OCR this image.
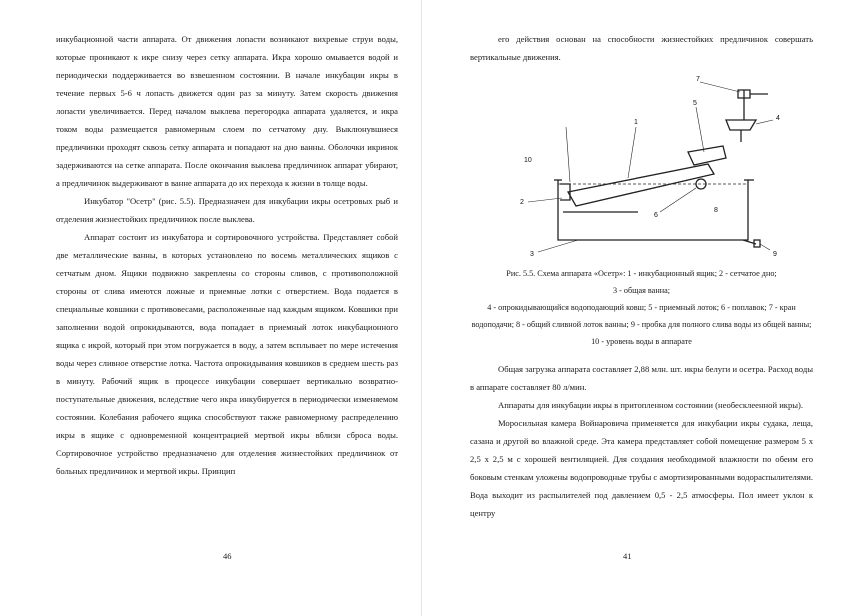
инкубационной части аппарата. От движения лопасти возникают вихревые струи воды, которые проникают к икре снизу через сетку аппарата. Икра хорошо омывается водой и периодически поддерживается во взвешенном состоянии. В начале инкубации икры в течение первых 5-6 ч лопасть движется один раз за минуту. Затем скорость движения лопасти увеличивается. Перед началом выклева перегородка аппарата удаляется, и икра током воды размещается равномерным слоем по сетчатому дну. Выклюнувшиеся предличинки проходят сквозь сетку аппарата и попадают на дно ванны. Оболочки икринок задерживаются на сетке аппарата. После окончания выклева предличинок аппарат убирают, а предличинок выдерживают в ванне аппарата до их перехода к жизни в толще воды.

Инкубатор "Осетр" (рис. 5.5). Предназначен для инкубации икры осетровых рыб и отделения жизнестойких предличинок после выклева.

Аппарат состоит из инкубатора и сортировочного устройства. Представляет собой две металлические ванны, в которых установлено по восемь металлических ящиков с сетчатым дном. Ящики подвижно закреплены со стороны сливов, с противоположной стороны от слива имеются ложные и приемные лотки с отверстием. Вода подается в специальные ковшики с противовесами, расположенные над каждым ящиком. Ковшики при заполнении водой опрокидываются, вода попадает в приемный лоток инкубационного ящика с икрой, который при этом погружается в воду, а затем всплывает по мере истечения воды через сливное отверстие лотка. Частота опрокидывания ковшиков в среднем шесть раз в минуту. Рабочий ящик в процессе инкубации совершает вертикально возвратно-поступательные движения, вследствие чего икра инкубируется в периодически изменяемом состоянии. Колебания рабочего ящика способствуют также равномерному распределению икры в ящике с одновременной концентрацией мертвой икры вблизи сброса воды. Сортировочное устройство предназначено для отделения жизнестойких предличинок от больных предличинок и мертвой икры. Принцип

46

его действия основан на способности жизнестойких предличинок совершать вертикальные движения.

10
1
2
3
4
5
6
7
8
9

Рис. 5.5. Схема аппарата «Осетр»: 1 - инкубационный ящик; 2 - сетчатое дно;

3 - общая ванна;

4 - опрокидывающийся водоподающий ковш; 5 - приемный лоток; 6 - поплавок; 7 - кран водоподачи; 8 - общий сливной лоток ванны; 9 - пробка для полного слива воды из общей ванны; 10 - уровень воды в аппарате

Общая загрузка аппарата составляет 2,88 млн. шт. икры белуги и осетра. Расход воды в аппарате составляет 80 л/мин.

Аппараты для инкубации икры в притопленном состоянии (необесклеенной икры).

Моросильная камера Войнаровича применяется для инкубации икры судака, леща, сазана и другой во влажной среде. Эта камера представляет собой помещение размером 5 х 2,5 х 2,5 м с хорошей вентиляцией. Для создания необходимой влажности по обеим его боковым стенкам уложены водопроводные трубы с амортизированными водораспылителями. Вода выходит из распылителей под давлением 0,5 - 2,5 атмосферы. Пол имеет уклон к центру

41
